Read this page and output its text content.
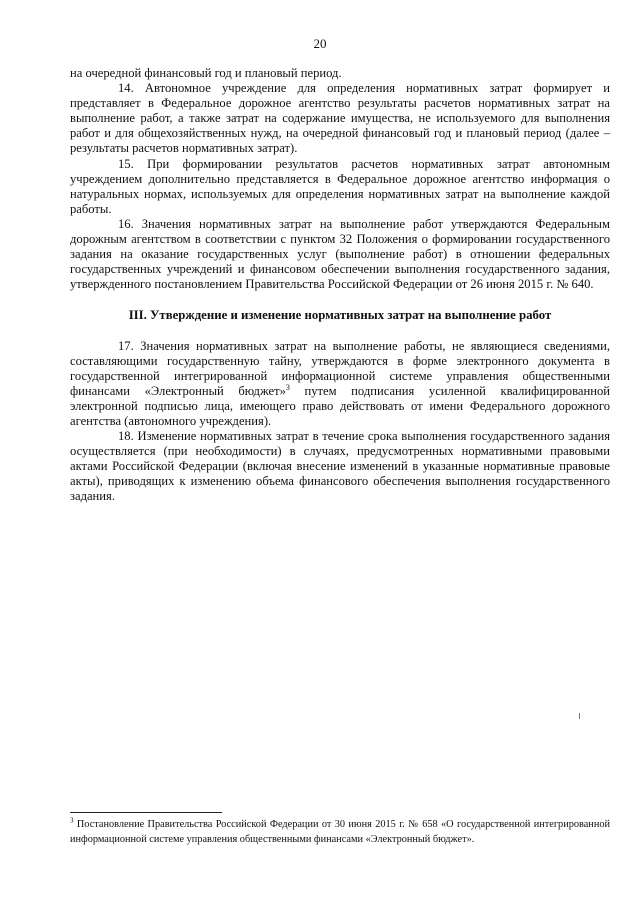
20

на очередной финансовый год и плановый период.

14. Автономное учреждение для определения нормативных затрат формирует и представляет в Федеральное дорожное агентство результаты расчетов нормативных затрат на выполнение работ, а также затрат на содержание имущества, не используемого для выполнения работ и для общехозяйственных нужд, на очередной финансовый год и плановый период (далее – результаты расчетов нормативных затрат).

15. При формировании результатов расчетов нормативных затрат автономным учреждением дополнительно представляется в Федеральное дорожное агентство информация о натуральных нормах, используемых для определения нормативных затрат на выполнение каждой работы.

16. Значения нормативных затрат на выполнение работ утверждаются Федеральным дорожным агентством в соответствии с пунктом 32 Положения о формировании государственного задания на оказание государственных услуг (выполнение работ) в отношении федеральных государственных учреждений и финансовом обеспечении выполнения государственного задания, утвержденного постановлением Правительства Российской Федерации от 26 июня 2015 г. № 640.

III. Утверждение и изменение нормативных затрат на выполнение работ

17. Значения нормативных затрат на выполнение работы, не являющиеся сведениями, составляющими государственную тайну, утверждаются в форме электронного документа в государственной интегрированной информационной системе управления общественными финансами «Электронный бюджет»$^3$ путем подписания усиленной квалифицированной электронной подписью лица, имеющего право действовать от имени Федерального дорожного агентства (автономного учреждения).

18. Изменение нормативных затрат в течение срока выполнения государственного задания осуществляется (при необходимости) в случаях, предусмотренных нормативными правовыми актами Российской Федерации (включая внесение изменений в указанные нормативные правовые акты), приводящих к изменению объема финансового обеспечения выполнения государственного задания.

$^3$ Постановление Правительства Российской Федерации от 30 июня 2015 г. № 658 «О государственной интегрированной информационной системе управления общественными финансами «Электронный бюджет».
